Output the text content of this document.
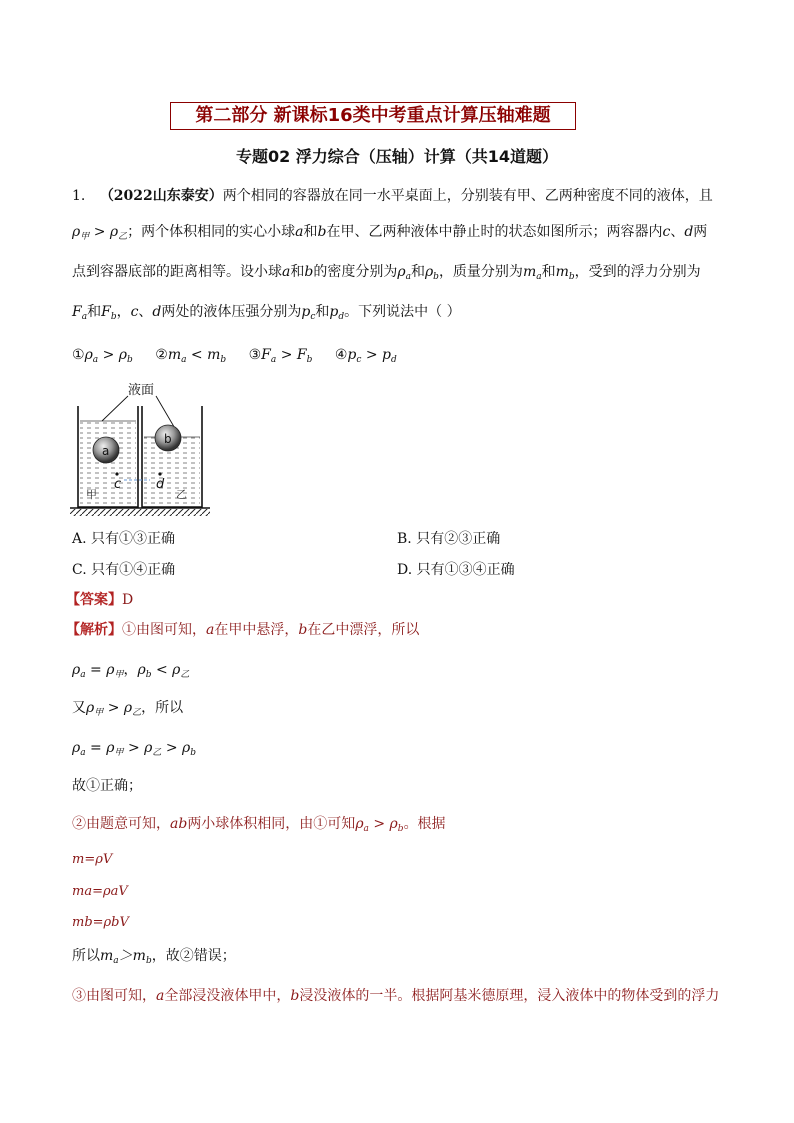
第二部分 新课标16类中考重点计算压轴难题
专题02 浮力综合（压轴）计算（共14道题）
1. （2022山东泰安）两个相同的容器放在同一水平桌面上，分别装有甲、乙两种密度不同的液体，且
$\rho_甲 > \rho_乙$；两个体积相同的实心小球a和b在甲、乙两种液体中静止时的状态如图所示；两容器内c、d两
点到容器底部的距离相等。设小球a和b的密度分别为$\rho_a$和$\rho_b$，质量分别为$m_a$和$m_b$，受到的浮力分别为
$F_a$和$F_b$，c、d两处的液体压强分别为$p_c$和$p_d$。下列说法中（ ）
$①\rho_a > \rho_b$ $②m_a < m_b$ $③F_a > F_b$ $④p_c > p_d$
液面
a
b
c	d
甲	乙
A. 只有①③正确	B. 只有②③正确
C. 只有①④正确	D. 只有①③④正确
【答案】D
【解析】①由图可知，a在甲中悬浮，b在乙中漂浮，所以
$\rho_a = \rho_甲$，$\rho_b < \rho_乙$
又$\rho_甲 > \rho_乙$，所以
$\rho_a = \rho_甲 > \rho_乙 > \rho_b$
故①正确；
②由题意可知，ab两小球体积相同，由①可知$\rho_a > \rho_b$。根据
m=ρV
ma=ρaV
mb=ρbV
所以$m_a>m_b$，故②错误；
③由图可知，a全部浸没液体甲中，b浸没液体的一半。根据阿基米德原理，浸入液体中的物体受到的浮力
